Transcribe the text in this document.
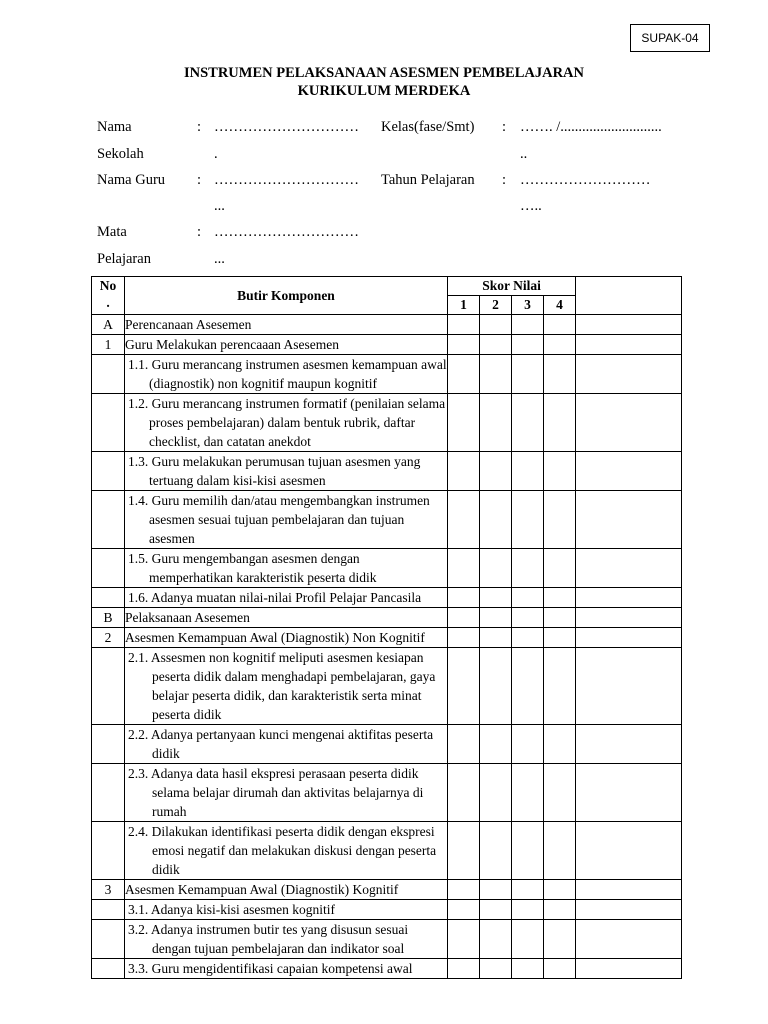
SUPAK-04
INSTRUMEN PELAKSANAAN ASESMEN PEMBELAJARAN
KURIKULUM MERDEKA
Nama	: ………………………… Kelas(fase/Smt) : ……. /............................
Sekolah	.	..
Nama Guru : ………………………… Tahun Pelajaran : ………………………
...	…..
Mata	: …………………………
Pelajaran	...
No
.	Butir Komponen	Skor Nilai				
		1	2	3	4	
A	Perencanaan Asesemen					
1	Guru Melakukan perencaaan Asesemen					

	1.1. Guru merancang instrumen asesmen kemampuan awal (diagnostik) non kognitif maupun kognitif					

	1.2. Guru merancang instrumen formatif (penilaian selama proses pembelajaran) dalam bentuk rubrik, daftar checklist, dan catatan anekdot					

	1.3. Guru melakukan perumusan tujuan asesmen yang tertuang dalam kisi-kisi asesmen					

	1.4. Guru memilih dan/atau mengembangkan instrumen asesmen sesuai tujuan pembelajaran dan tujuan asesmen					

	1.5. Guru mengembangan asesmen dengan memperhatikan karakteristik peserta didik					

	1.6. Adanya muatan nilai-nilai Profil Pelajar Pancasila					

B	Pelaksanaan Asesemen					
2	Asesmen Kemampuan Awal (Diagnostik) Non Kognitif					

	2.1. Assesmen non kognitif meliputi asesmen kesiapan peserta didik dalam menghadapi pembelajaran, gaya belajar peserta didik, dan karakteristik serta minat peserta didik					

	2.2. Adanya pertanyaan kunci mengenai aktifitas peserta didik					

	2.3. Adanya data hasil ekspresi perasaan peserta didik selama belajar dirumah dan aktivitas belajarnya di rumah					

	2.4. Dilakukan identifikasi peserta didik dengan ekspresi emosi negatif dan melakukan diskusi dengan peserta didik					

3	Asesmen Kemampuan Awal (Diagnostik) Kognitif					

	3.1. Adanya kisi-kisi asesmen kognitif					

	3.2. Adanya instrumen butir tes yang disusun sesuai dengan tujuan pembelajaran dan indikator soal					

	3.3. Guru mengidentifikasi capaian kompetensi awal					
